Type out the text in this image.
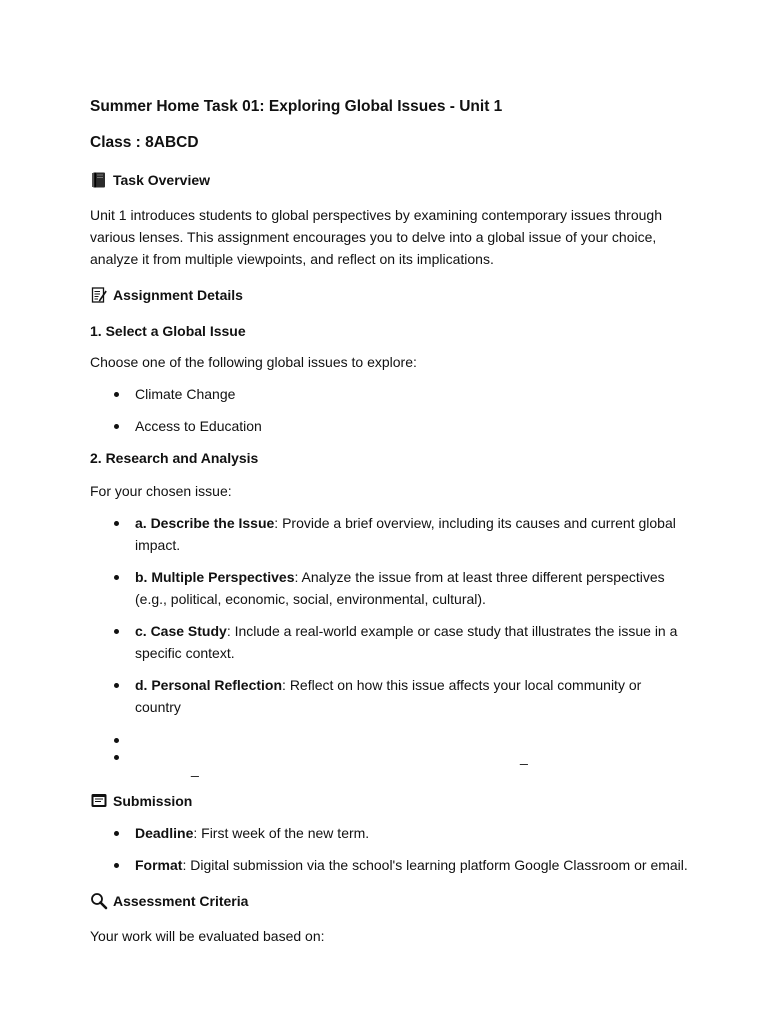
Summer Home Task 01: Exploring Global Issues - Unit 1
Class : 8ABCD
Task Overview
Unit 1 introduces students to global perspectives by examining contemporary issues through various lenses. This assignment encourages you to delve into a global issue of your choice, analyze it from multiple viewpoints, and reflect on its implications.
Assignment Details
1. Select a Global Issue
Choose one of the following global issues to explore:
Climate Change
Access to Education
2. Research and Analysis
For your chosen issue:
a. Describe the Issue: Provide a brief overview, including its causes and current global impact.
b. Multiple Perspectives: Analyze the issue from at least three different perspectives (e.g., political, economic, social, environmental, cultural).
c. Case Study: Include a real-world example or case study that illustrates the issue in a specific context.
d. Personal Reflection: Reflect on how this issue affects your local community or country

_
_
Submission
Deadline: First week of the new term.
Format: Digital submission via the school's learning platform Google Classroom or email.
Assessment Criteria
Your work will be evaluated based on:
